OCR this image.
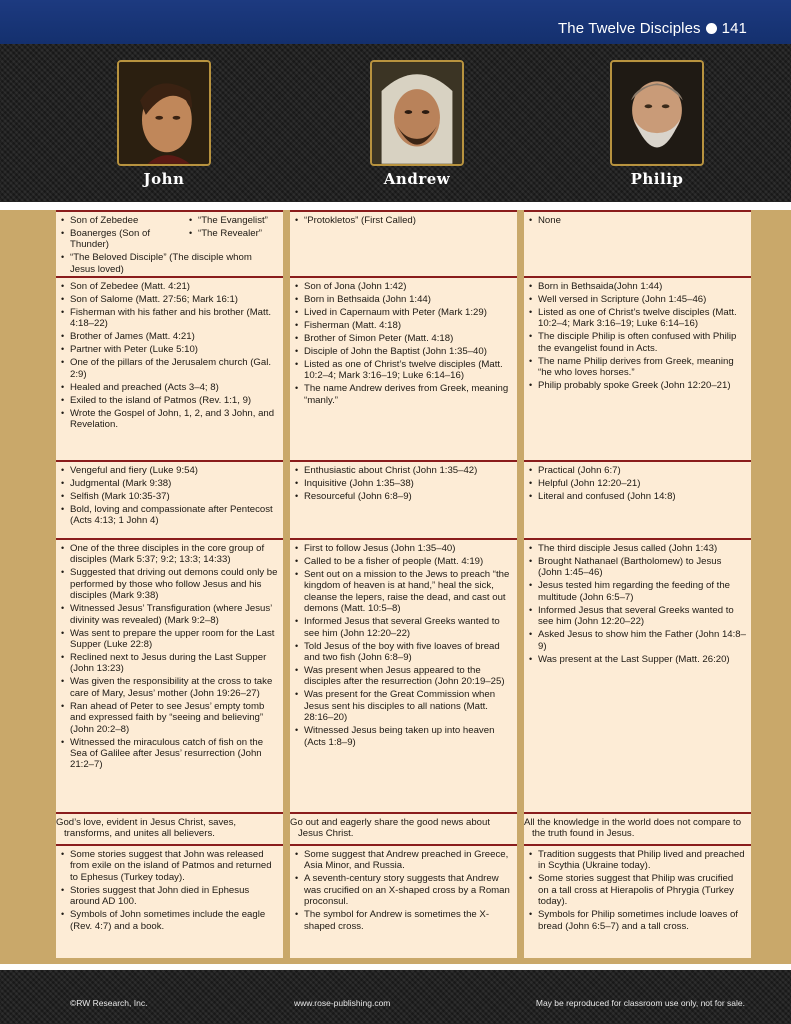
The Twelve Disciples 141
John	Andrew	Philip
• Son of Zebedee
• Boanerges (Son of Thunder)
• “The Evangelist”
• “The Revealer”
• “The Beloved Disciple” (The disciple whom Jesus loved)
• “Protokletos” (First Called)
•	None
• Son of Zebedee (Matt. 4:21)
• Son of Salome (Matt. 27:56; Mark 16:1)
• Fisherman with his father and his brother (Matt. 4:18–22)
• Brother of James (Matt. 4:21)
• Partner with Peter (Luke 5:10)
• One of the pillars of the Jerusalem church (Gal. 2:9)
• Healed and preached (Acts 3–4; 8)
• Exiled to the island of Patmos (Rev. 1:1, 9)
• Wrote the Gospel of John, 1, 2, and 3 John, and Revelation.
• Son of Jona (John 1:42)
• Born in Bethsaida (John 1:44)
• Lived in Capernaum with Peter (Mark 1:29)
• Fisherman (Matt. 4:18)
• Brother of Simon Peter (Matt. 4:18)
• Disciple of John the Baptist (John 1:35–40)
• Listed as one of Christ’s twelve disciples (Matt. 10:2–4; Mark 3:16–19; Luke 6:14–16)
• The name Andrew derives from Greek, meaning “manly.”
• Born in Bethsaida(John 1:44)
• Well versed in Scripture (John 1:45–46)
• Listed as one of Christ’s twelve disciples (Matt. 10:2–4; Mark 3:16–19; Luke 6:14–16)
• The disciple Philip is often confused with Philip the evangelist found in Acts.
• The name Philip derives from Greek, meaning “he who loves horses.”
• Philip probably spoke Greek (John 12:20–21)
• Vengeful and fiery (Luke 9:54)
• Judgmental (Mark 9:38)
• Selfish (Mark 10:35-37)
• Bold, loving and compassionate after Pentecost (Acts 4:13; 1 John 4)
• Enthusiastic about Christ (John 1:35–42)
• Inquisitive (John 1:35–38)
• Resourceful (John 6:8–9)
• Practical (John 6:7)
• Helpful (John 12:20–21)
• Literal and confused (John 14:8)
• One of the three disciples in the core group of disciples (Mark 5:37; 9:2; 13:3; 14:33)
• Suggested that driving out demons could only be performed by those who follow Jesus and his disciples (Mark 9:38)
• Witnessed Jesus’ Transfiguration (where Jesus’ divinity was revealed) (Mark 9:2–8)
• Was sent to prepare the upper room for the Last Supper (Luke 22:8)
• Reclined next to Jesus during the Last Supper (John 13:23)
• Was given the responsibility at the cross to take care of Mary, Jesus’ mother (John 19:26–27)
• Ran ahead of Peter to see Jesus’ empty tomb and expressed faith by “seeing and believing” (John 20:2–8)
• Witnessed the miraculous catch of fish on the Sea of Galilee after Jesus’ resurrection (John 21:2–7)
• First to follow Jesus (John 1:35–40)
• Called to be a fisher of people (Matt. 4:19)
• Sent out on a mission to the Jews to preach “the kingdom of heaven is at hand,” heal the sick, cleanse the lepers, raise the dead, and cast out demons (Matt. 10:5–8)
• Informed Jesus that several Greeks wanted to see him (John 12:20–22)
• Told Jesus of the boy with five loaves of bread and two fish (John 6:8–9)
• Was present when Jesus appeared to the disciples after the resurrection (John 20:19–25)
• Was present for the Great Commission when Jesus sent his disciples to all nations (Matt. 28:16–20)
• Witnessed Jesus being taken up into heaven (Acts 1:8–9)
• The third disciple Jesus called (John 1:43)
• Brought Nathanael (Bartholomew) to Jesus (John 1:45–46)
• Jesus tested him regarding the feeding of the multitude (John 6:5–7)
• Informed Jesus that several Greeks wanted to see him (John 12:20–22)
• Asked Jesus to show him the Father (John 14:8–9)
• Was present at the Last Supper (Matt. 26:20)

God’s love, evident in Jesus Christ, saves, transforms, and unites all believers.

Go out and eagerly share the good news about Jesus Christ.

All the knowledge in the world does not compare to the truth found in Jesus.

• Some stories suggest that John was released from exile on the island of Patmos and returned to Ephesus (Turkey today).
• Stories suggest that John died in Ephesus around AD 100.
• Symbols of John sometimes include the eagle (Rev. 4:7) and a book.
• Some suggest that Andrew preached in Greece, Asia Minor, and Russia.
• A seventh-century story suggests that Andrew was crucified on an X-shaped cross by a Roman proconsul.
• The symbol for Andrew is sometimes the X-shaped cross.
• Tradition suggests that Philip lived and preached in Scythia (Ukraine today).
• Some stories suggest that Philip was crucified on a tall cross at Hierapolis of Phrygia (Turkey today).
• Symbols for Philip sometimes include loaves of bread (John 6:5–7) and a tall cross.
©RW Research, Inc.	www.rose-publishing.com	May be reproduced for classroom use only, not for sale.
